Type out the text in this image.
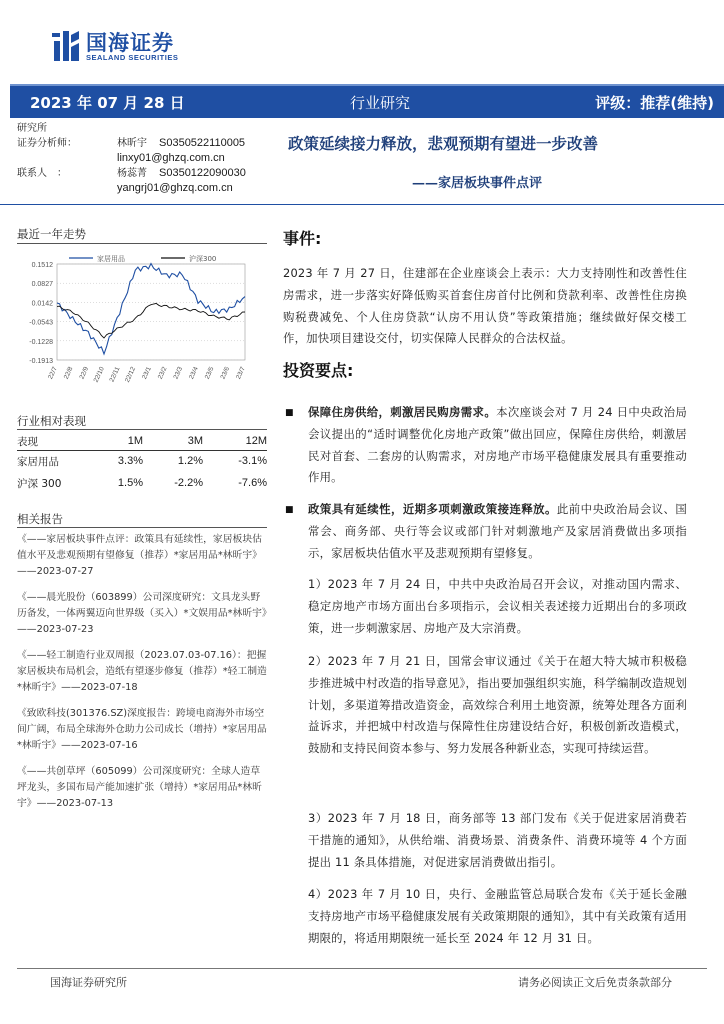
国海证券
SEALAND SECURITIES
2023 年 07 月 28 日	行业研究	评级：推荐(维持)
研究所
证券分析师：	林昕宇 S0350522110005
linxy01@ghzq.com.cn
联系人　：	杨蕊菁 S0350122090030
yangrj01@ghzq.com.cn
政策延续接力释放，悲观预期有望进一步改善
——家居板块事件点评
最近一年走势
0.1512
0.0827
0.0142
-0.0543
-0.1228
-0.1913
22/7 22/8 22/9 22/10 22/11 22/12 23/1 23/2 23/3 23/4 23/5 23/6 23/7
家居用品	沪深300
行业相对表现
表现	1M	3M	12M
家居用品	3.3%	1.2%	-3.1%
沪深 300	1.5%	-2.2%	-7.6%
相关报告
《——家居板块事件点评：政策具有延续性，家居板块估值水平及悲观预期有望修复（推荐）*家居用品*林昕宇》——2023-07-27
《——晨光股份（603899）公司深度研究：文具龙头野历备发，一体两翼迈向世界级（买入）*文娱用品*林昕宇》——2023-07-23
《——轻工制造行业双周报（2023.07.03-07.16）：把握家居板块布局机会，造纸有望逐步修复（推荐）*轻工制造*林昕宇》——2023-07-18
《致欧科技(301376.SZ)深度报告：跨境电商海外市场空间广阔，布局全球海外仓助力公司成长（增持）*家居用品*林昕宇》——2023-07-16
《——共创草坪（605099）公司深度研究：全球人造草坪龙头，多国布局产能加速扩张（增持）*家居用品*林昕宇》——2023-07-13
事件:
2023 年 7 月 27 日，住建部在企业座谈会上表示：大力支持刚性和改善性住房需求，进一步落实好降低购买首套住房首付比例和贷款利率、改善性住房换购税费减免、个人住房贷款“认房不用认贷”等政策措施；继续做好保交楼工作，加快项目建设交付，切实保障人民群众的合法权益。
投资要点:
■ 保障住房供给，刺激居民购房需求。本次座谈会对 7 月 24 日中央政治局会议提出的“适时调整优化房地产政策”做出回应，保障住房供给，刺激居民对首套、二套房的认购需求，对房地产市场平稳健康发展具有重要推动作用。
■ 政策具有延续性，近期多项刺激政策接连释放。此前中央政治局会议、国常会、商务部、央行等会议或部门针对刺激地产及家居消费做出多项指示，家居板块估值水平及悲观预期有望修复。
1）2023 年 7 月 24 日，中共中央政治局召开会议，对推动国内需求、稳定房地产市场方面出台多项指示，会议相关表述接力近期出台的多项政策，进一步刺激家居、房地产及大宗消费。
2）2023 年 7 月 21 日，国常会审议通过《关于在超大特大城市积极稳步推进城中村改造的指导意见》，指出要加强组织实施，科学编制改造规划计划，多渠道筹措改造资金，高效综合利用土地资源，统筹处理各方面利益诉求，并把城中村改造与保障性住房建设结合好，积极创新改造模式，鼓励和支持民间资本参与、努力发展各种新业态，实现可持续运营。
3）2023 年 7 月 18 日，商务部等 13 部门发布《关于促进家居消费若干措施的通知》，从供给端、消费场景、消费条件、消费环境等 4 个方面提出 11 条具体措施，对促进家居消费做出指引。
4）2023 年 7 月 10 日，央行、金融监管总局联合发布《关于延长金融支持房地产市场平稳健康发展有关政策期限的通知》，其中有关政策有适用期限的，将适用期限统一延长至 2024 年 12 月 31 日。
国海证券研究所	请务必阅读正文后免责条款部分
